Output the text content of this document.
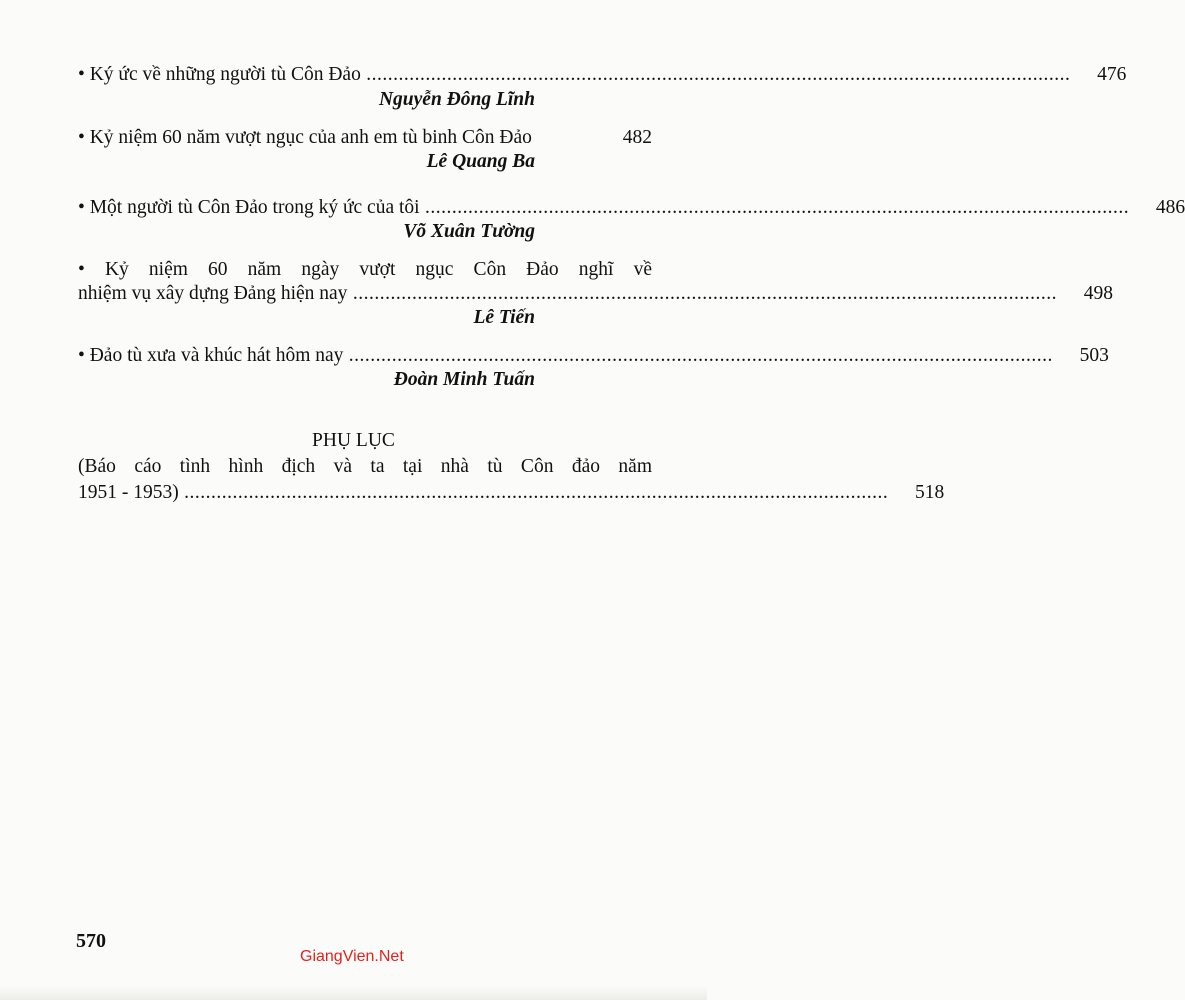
• Ký ức về những người tù Côn Đảo ...................................................................................................................................	476
Nguyễn Đông Lĩnh
• Kỷ niệm 60 năm vượt ngục của anh em tù binh Côn Đảo	482
Lê Quang Ba
• Một người tù Côn Đảo trong ký ức của tôi ...................................................................................................................................	486
Võ Xuân Tường
• Kỷ niệm 60 năm ngày vượt ngục Côn Đảo nghĩ về
nhiệm vụ xây dựng Đảng hiện nay ...................................................................................................................................	498
Lê Tiến
• Đảo tù xưa và khúc hát hôm nay ...................................................................................................................................	503
Đoàn Minh Tuấn
PHỤ LỤC
(Báo cáo tình hình địch và ta tại nhà tù Côn đảo năm
1951 - 1953) ...................................................................................................................................	518
570
GiangVien.Net
